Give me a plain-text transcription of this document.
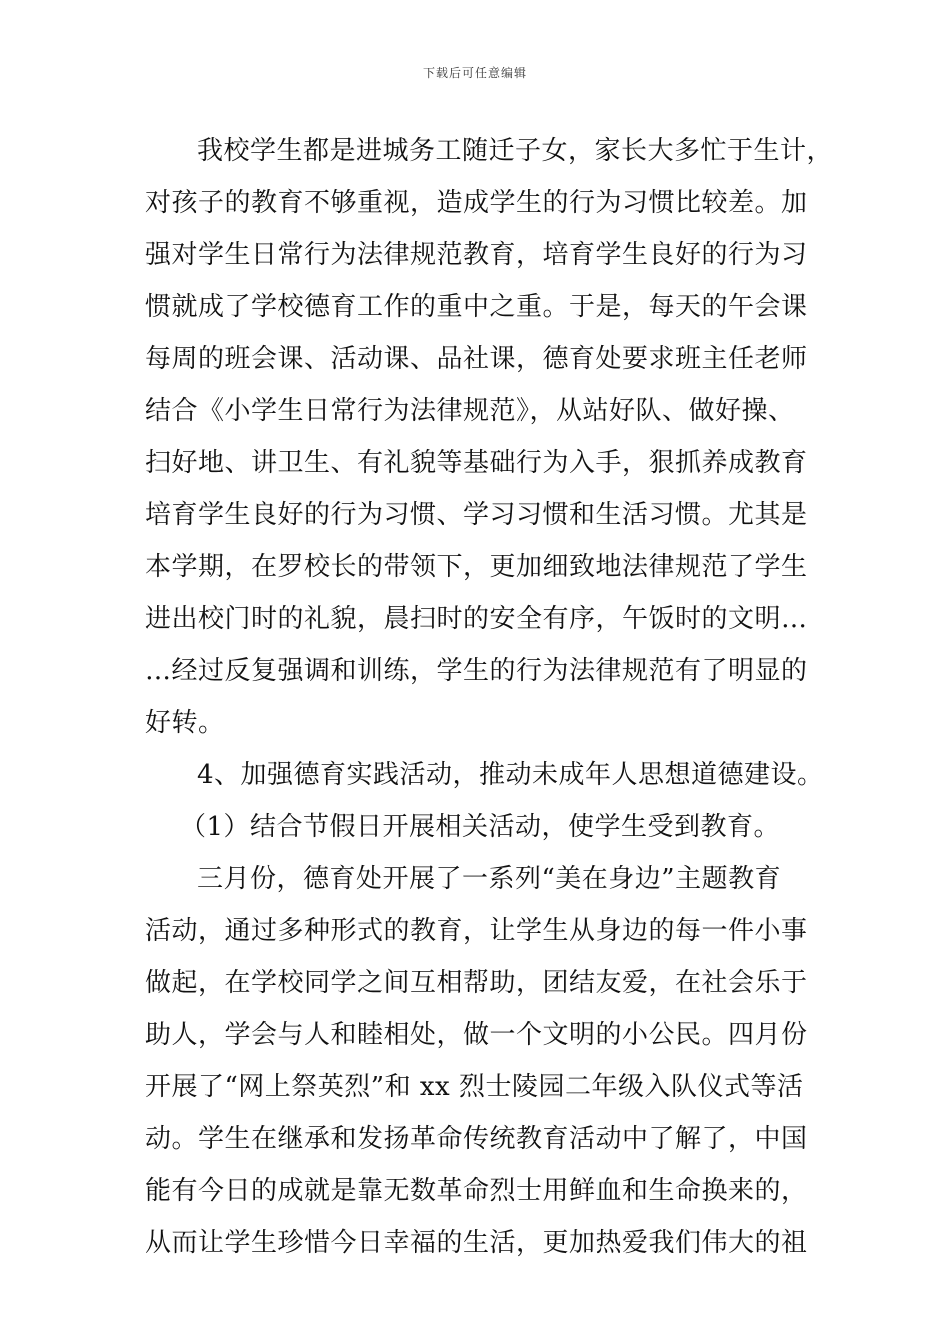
下载后可任意编辑
我校学生都是进城务工随迁子女，家长大多忙于生计，
对孩子的教育不够重视，造成学生的行为习惯比较差。加
强对学生日常行为法律规范教育，培育学生良好的行为习
惯就成了学校德育工作的重中之重。于是，每天的午会课
每周的班会课、活动课、品社课，德育处要求班主任老师
结合《小学生日常行为法律规范》，从站好队、做好操、
扫好地、讲卫生、有礼貌等基础行为入手，狠抓养成教育
培育学生良好的行为习惯、学习习惯和生活习惯。尤其是
本学期，在罗校长的带领下，更加细致地法律规范了学生
进出校门时的礼貌，晨扫时的安全有序，午饭时的文明…
…经过反复强调和训练，学生的行为法律规范有了明显的
好转。
4、加强德育实践活动，推动未成年人思想道德建设。
（1）结合节假日开展相关活动，使学生受到教育。
三月份，德育处开展了一系列“美在身边”主题教育
活动，通过多种形式的教育，让学生从身边的每一件小事
做起，在学校同学之间互相帮助，团结友爱，在社会乐于
助人，学会与人和睦相处，做一个文明的小公民。四月份
开展了“网上祭英烈”和 xx 烈士陵园二年级入队仪式等活
动。学生在继承和发扬革命传统教育活动中了解了，中国
能有今日的成就是靠无数革命烈士用鲜血和生命换来的，
从而让学生珍惜今日幸福的生活，更加热爱我们伟大的祖
